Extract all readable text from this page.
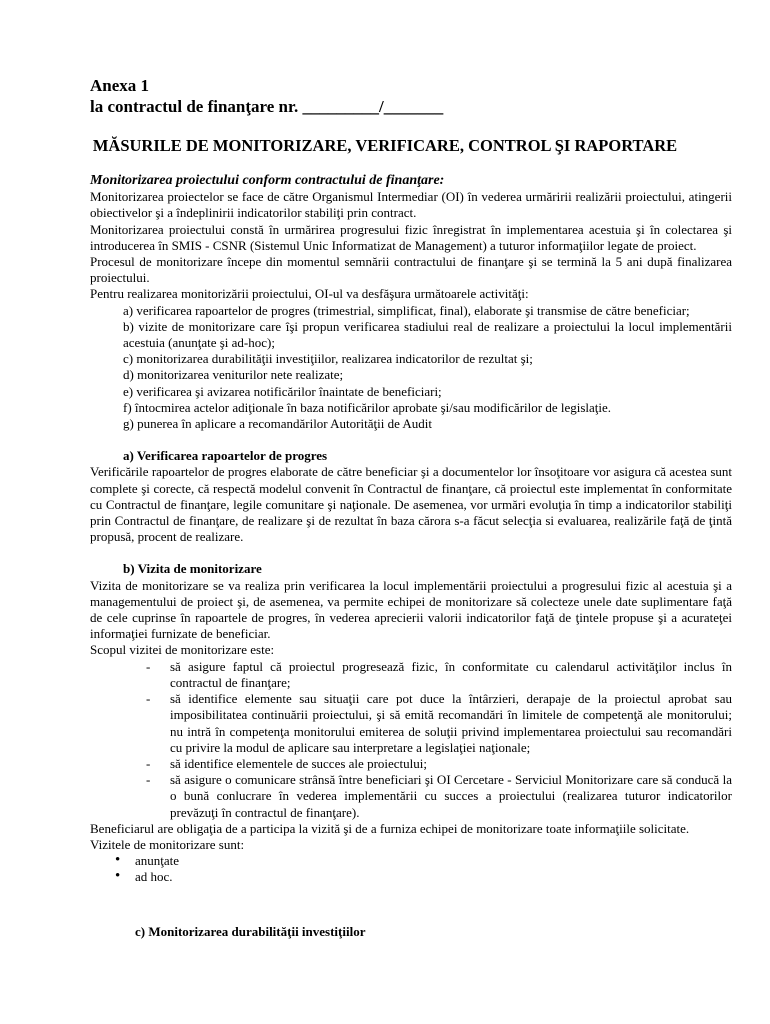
Anexa 1
la contractul de finanţare nr. _________/_______
MĂSURILE DE MONITORIZARE, VERIFICARE, CONTROL ŞI RAPORTARE

Monitorizarea proiectului conform contractului de finanţare:

Monitorizarea proiectelor se face de către Organismul Intermediar (OI) în vederea urmăririi realizării proiectului, atingerii obiectivelor şi a îndeplinirii indicatorilor stabiliţi prin contract.

Monitorizarea proiectului constă în urmărirea progresului fizic înregistrat în implementarea acestuia şi în colectarea şi introducerea în SMIS - CSNR (Sistemul Unic Informatizat de Management) a tuturor informaţiilor legate de proiect.

Procesul de monitorizare începe din momentul semnării contractului de finanţare şi se termină la 5 ani după finalizarea proiectului.

Pentru realizarea monitorizării proiectului, OI-ul va desfăşura următoarele activităţi:

a) verificarea rapoartelor de progres (trimestrial, simplificat, final), elaborate şi transmise de către beneficiar;
b) vizite de monitorizare care îşi propun verificarea stadiului real de realizare a proiectului la locul implementării acestuia (anunţate şi ad-hoc);
c) monitorizarea durabilităţii investiţiilor, realizarea indicatorilor de rezultat şi;
d) monitorizarea veniturilor nete realizate;
e) verificarea şi avizarea notificărilor înaintate de beneficiari;
f) întocmirea actelor adiţionale în baza notificărilor aprobate şi/sau modificărilor de legislaţie.
g) punerea în aplicare a recomandărilor Autorităţii de Audit

a) Verificarea rapoartelor de progres

Verificările rapoartelor de progres elaborate de către beneficiar şi a documentelor lor însoţitoare vor asigura că acestea sunt complete şi corecte, că respectă modelul convenit în Contractul de finanţare, că proiectul este implementat în conformitate cu Contractul de finanţare, legile comunitare şi naţionale. De asemenea, vor urmări evoluţia în timp a indicatorilor stabiliţi prin Contractul de finanţare, de realizare şi de rezultat în baza cărora s-a făcut selecţia si evaluarea, realizările faţă de ţintă propusă, procent de realizare.

b) Vizita de monitorizare

Vizita de monitorizare se va realiza prin verificarea la locul implementării proiectului a progresului fizic al acestuia şi a managementului de proiect şi, de asemenea, va permite echipei de monitorizare să colecteze unele date suplimentare faţă de cele cuprinse în rapoartele de progres, în vederea aprecierii valorii indicatorilor faţă de ţintele propuse şi a acurateţei informaţiei furnizate de beneficiar.

Scopul vizitei de monitorizare este:

- să asigure faptul că proiectul progresează fizic, în conformitate cu calendarul activităţilor inclus în contractul de finanţare;
- să identifice elemente sau situaţii care pot duce la întârzieri, derapaje de la proiectul aprobat sau imposibilitatea continuării proiectului, şi să emită recomandări în limitele de competenţă ale monitorului; nu intră în competenţa monitorului emiterea de soluţii privind implementarea proiectului sau recomandări cu privire la modul de aplicare sau interpretare a legislaţiei naţionale;
- să identifice elementele de succes ale proiectului;
- să asigure o comunicare strânsă între beneficiari şi OI Cercetare - Serviciul Monitorizare care să conducă la o bună conlucrare în vederea implementării cu succes a proiectului (realizarea tuturor indicatorilor prevăzuţi în contractul de finanţare).

Beneficiarul are obligaţia de a participa la vizită şi de a furniza echipei de monitorizare toate informaţiile solicitate.

Vizitele de monitorizare sunt:

• anunţate
• ad hoc.

c) Monitorizarea durabilităţii investiţiilor
